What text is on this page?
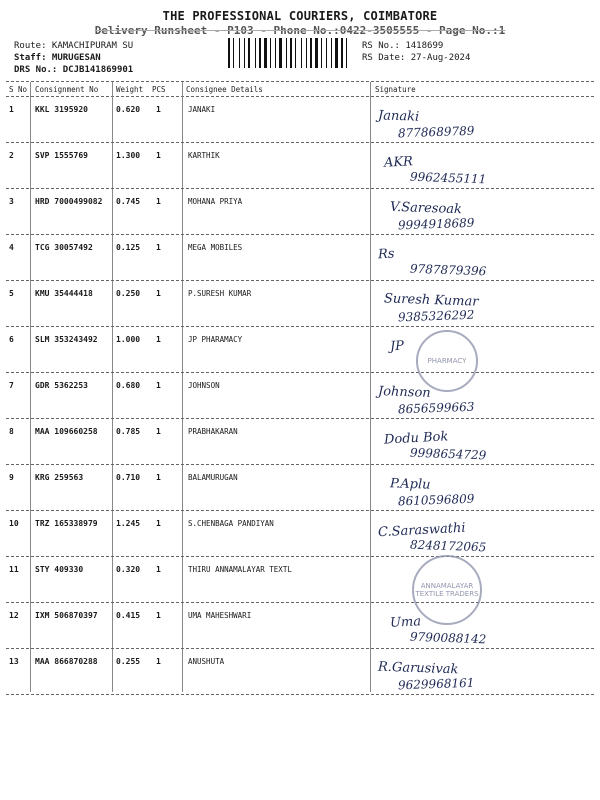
THE PROFESSIONAL COURIERS, COIMBATORE
Delivery Runsheet - P103 - Phone No.:0422-3505555 - Page No.:1
Route: KAMACHIPURAM SU
Staff: MURUGESAN
DRS No.: DCJB141869901
RS No.: 1418699
RS Date: 27-Aug-2024
S No Consignment No Weight PCS	Consignee Details	Signature
1	KKL 3195920	0.620 1	JANAKI	Janaki
8778689789
2	SVP 1555769	1.300 1	KARTHIK	AKR
9962455111
3	HRD 7000499082 0.745 1	MOHANA PRIYA	V.Saresoak
9994918689
4	TCG 30057492	0.125 1	MEGA MOBILES	Rs
9787879396
5	KMU 35444418	0.250 1	P.SURESH KUMAR	Suresh Kumar
9385326292
6	SLM 353243492 1.000 1	JP PHARAMACY	JP
7	GDR 5362253	0.680 1	JOHNSON	Johnson
8656599663
8	MAA 109660258 0.785 1	PRABHAKARAN	Dodu Bok
9998654729
9	KRG 259563	0.710 1	BALAMURUGAN	P.Aplu
8610596809
10 TRZ 165338979 1.245 1	S.CHENBAGA PANDIYAN	C.Saraswathi
8248172065
11 STY 409330	0.320 1	THIRU ANNAMALAYAR TEXTL
12 IXM 506870397 0.415 1	UMA MAHESHWARI	Uma
9790088142
13 MAA 866870288 0.255 1	ANUSHUTA	R.Garusivak
9629968161
PHARMACY
ANNAMALAYAR TEXTILE TRADERS
